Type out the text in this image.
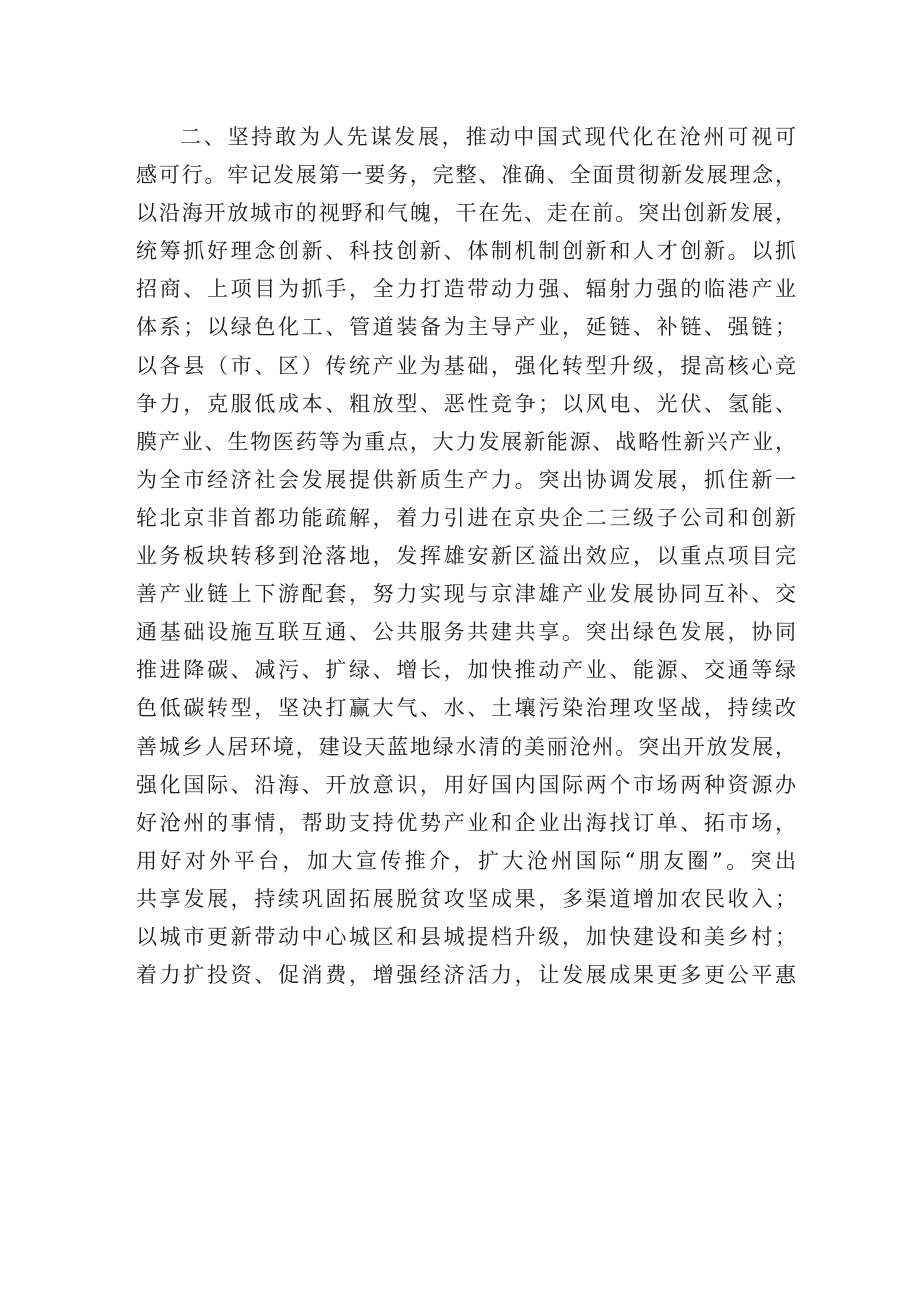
二、坚持敢为人先谋发展，推动中国式现代化在沧州可视可
感可行。牢记发展第一要务，完整、准确、全面贯彻新发展理念，
以沿海开放城市的视野和气魄，干在先、走在前。突出创新发展，
统筹抓好理念创新、科技创新、体制机制创新和人才创新。以抓
招商、上项目为抓手，全力打造带动力强、辐射力强的临港产业
体系；以绿色化工、管道装备为主导产业，延链、补链、强链；
以各县（市、区）传统产业为基础，强化转型升级，提高核心竞
争力，克服低成本、粗放型、恶性竞争；以风电、光伏、氢能、
膜产业、生物医药等为重点，大力发展新能源、战略性新兴产业，
为全市经济社会发展提供新质生产力。突出协调发展，抓住新一
轮北京非首都功能疏解，着力引进在京央企二三级子公司和创新
业务板块转移到沧落地，发挥雄安新区溢出效应，以重点项目完
善产业链上下游配套，努力实现与京津雄产业发展协同互补、交
通基础设施互联互通、公共服务共建共享。突出绿色发展，协同
推进降碳、减污、扩绿、增长，加快推动产业、能源、交通等绿
色低碳转型，坚决打赢大气、水、土壤污染治理攻坚战，持续改
善城乡人居环境，建设天蓝地绿水清的美丽沧州。突出开放发展，
强化国际、沿海、开放意识，用好国内国际两个市场两种资源办
好沧州的事情，帮助支持优势产业和企业出海找订单、拓市场，
用好对外平台，加大宣传推介，扩大沧州国际“朋友圈”。突出
共享发展，持续巩固拓展脱贫攻坚成果，多渠道增加农民收入；
以城市更新带动中心城区和县城提档升级，加快建设和美乡村；
着力扩投资、促消费，增强经济活力，让发展成果更多更公平惠
